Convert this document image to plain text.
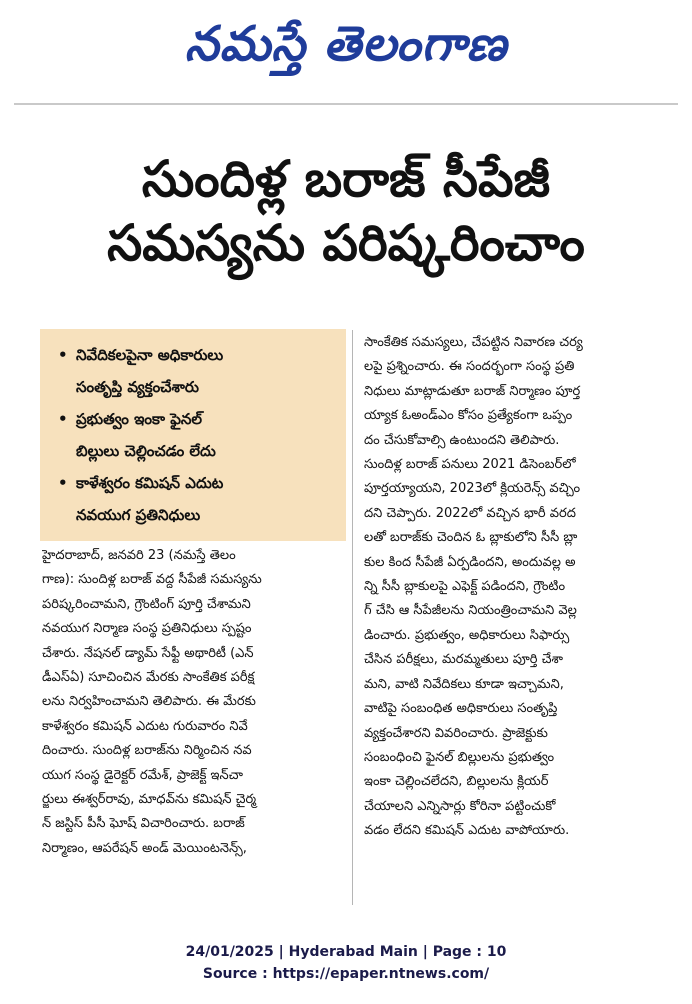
నమస్తే తెలంగాణ
సుందిళ్ల బరాజ్ సీపేజీ
సమస్యను పరిష్కరించాం
• నివేదికలపైనా అధికారులు
సంతృప్తి వ్యక్తంచేశారు
• ప్రభుత్వం ఇంకా ఫైనల్
బిల్లులు చెల్లించడం లేదు
• కాళేశ్వరం కమిషన్ ఎదుట
నవయుగ ప్రతినిధులు
హైదరాబాద్, జనవరి 23 (నమస్తే తెలం
గాణ): సుందిళ్ల బరాజ్ వద్ద సీపేజీ సమస్యను
పరిష్కరించామని, గ్రౌంటింగ్ పూర్తి చేశామని
నవయుగ నిర్మాణ సంస్థ ప్రతినిధులు స్పష్టం
చేశారు. నేషనల్ డ్యామ్ సేఫ్టీ అథారిటీ (ఎన్
డీఎస్ఏ) సూచించిన మేరకు సాంకేతిక పరీక్ష
లను నిర్వహించామని తెలిపారు. ఈ మేరకు
కాళేశ్వరం కమిషన్ ఎదుట గురువారం నివే
దించారు. సుందిళ్ల బరాజ్‌ను నిర్మించిన నవ
యుగ సంస్థ డైరెక్టర్ రమేశ్, ప్రాజెక్ట్ ఇన్‌చా
ర్జులు ఈశ్వర్‌రావు, మాధవ్‌ను కమిషన్ చైర్మ
న్ జస్టిస్ పీసీ ఘోష్ విచారించారు. బరాజ్
నిర్మాణం, ఆపరేషన్ అండ్ మెయింటనెన్స్,
సాంకేతిక సమస్యలు, చేపట్టిన నివారణ చర్య
లపై ప్రశ్నించారు. ఈ సందర్భంగా సంస్థ ప్రతి
నిధులు మాట్లాడుతూ బరాజ్ నిర్మాణం పూర్త
య్యాక ఓఅండ్ఎం కోసం ప్రత్యేకంగా ఒప్పం
దం చేసుకోవాల్సి ఉంటుందని తెలిపారు.
సుందిళ్ల బరాజ్ పనులు 2021 డిసెంబర్‌లో
పూర్తయ్యాయని, 2023లో క్లియరెన్స్ వచ్చిం
దని చెప్పారు. 2022లో వచ్చిన భారీ వరద
లతో బరాజ్‌కు చెందిన ఓ బ్లాకులోని సీసీ బ్లా
కుల కింద సీపేజీ ఏర్పడిందని, అందువల్ల అ
న్ని సీసీ బ్లాకులపై ఎఫెక్ట్ పడిందని, గ్రౌంటిం
గ్ చేసి ఆ సీపేజీలను నియంత్రించామని వెల్ల
డించారు. ప్రభుత్వం, అధికారులు సిఫార్సు
చేసిన పరీక్షలు, మరమ్మతులు పూర్తి చేశా
మని, వాటి నివేదికలు కూడా ఇచ్చామని,
వాటిపై సంబంధిత అధికారులు సంతృప్తి
వ్యక్తంచేశారని వివరించారు. ప్రాజెక్టుకు
సంబంధించి ఫైనల్ బిల్లులను ప్రభుత్వం
ఇంకా చెల్లించలేదని, బిల్లులను క్లియర్
చేయాలని ఎన్నిసార్లు కోరినా పట్టించుకో
వడం లేదని కమిషన్ ఎదుట వాపోయారు.
24/01/2025 | Hyderabad Main | Page : 10
Source : https://epaper.ntnews.com/
